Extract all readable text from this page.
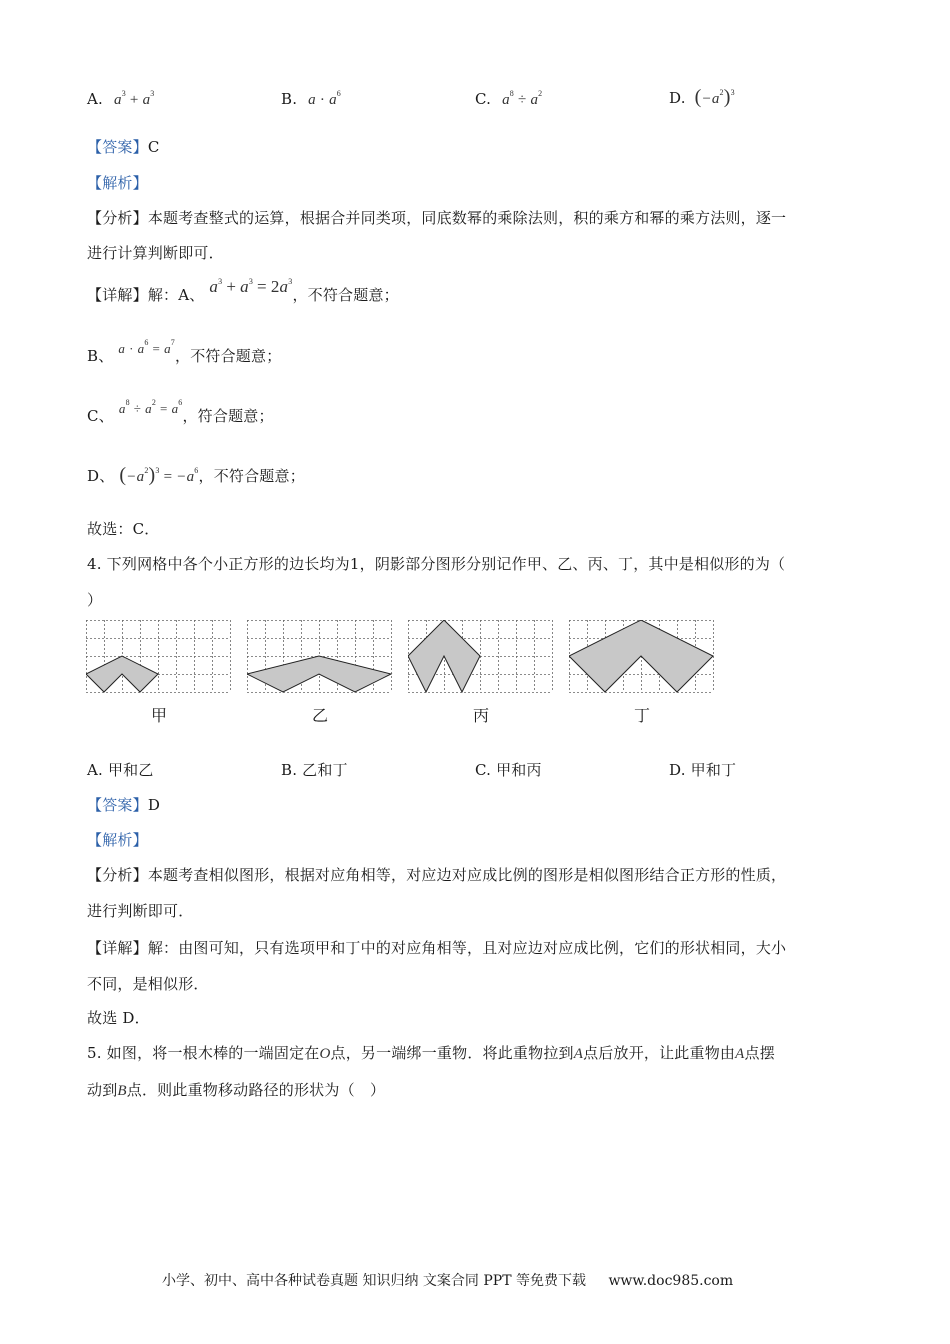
A. $a^3 + a^3$	B. $a \cdot a^6$	C. $a^8 \div a^2$	D. $(-a^2)^3$
【答案】C
【解析】
【分析】本题考查整式的运算，根据合并同类项，同底数幂的乘除法则，积的乘方和幂的乘方法则，逐一
进行计算判断即可．
【详解】解：A、 $a^3 + a^3 = 2a^3$，不符合题意；
B、 $a \cdot a^6 = a^7$，不符合题意；
C、 $a^8 \div a^2 = a^6$，符合题意；
D、 $(-a^2)^3 = -a^6$，不符合题意；
故选：C．
4. 下列网格中各个小正方形的边长均为1，阴影部分图形分别记作甲、乙、丙、丁，其中是相似形的为（
）
甲	乙	丙	丁
A. 甲和乙	B. 乙和丁	C. 甲和丙	D. 甲和丁
【答案】D
【解析】
【分析】本题考查相似图形，根据对应角相等，对应边对应成比例的图形是相似图形结合正方形的性质，
进行判断即可．
【详解】解：由图可知，只有选项甲和丁中的对应角相等，且对应边对应成比例，它们的形状相同，大小
不同，是相似形．
故选 D．
5. 如图，将一根木棒的一端固定在O点，另一端绑一重物．将此重物拉到A点后放开，让此重物由A点摆
动到B点．则此重物移动路径的形状为（　）
小学、初中、高中各种试卷真题 知识归纳 文案合同 PPT 等免费下载 www.doc985.com
